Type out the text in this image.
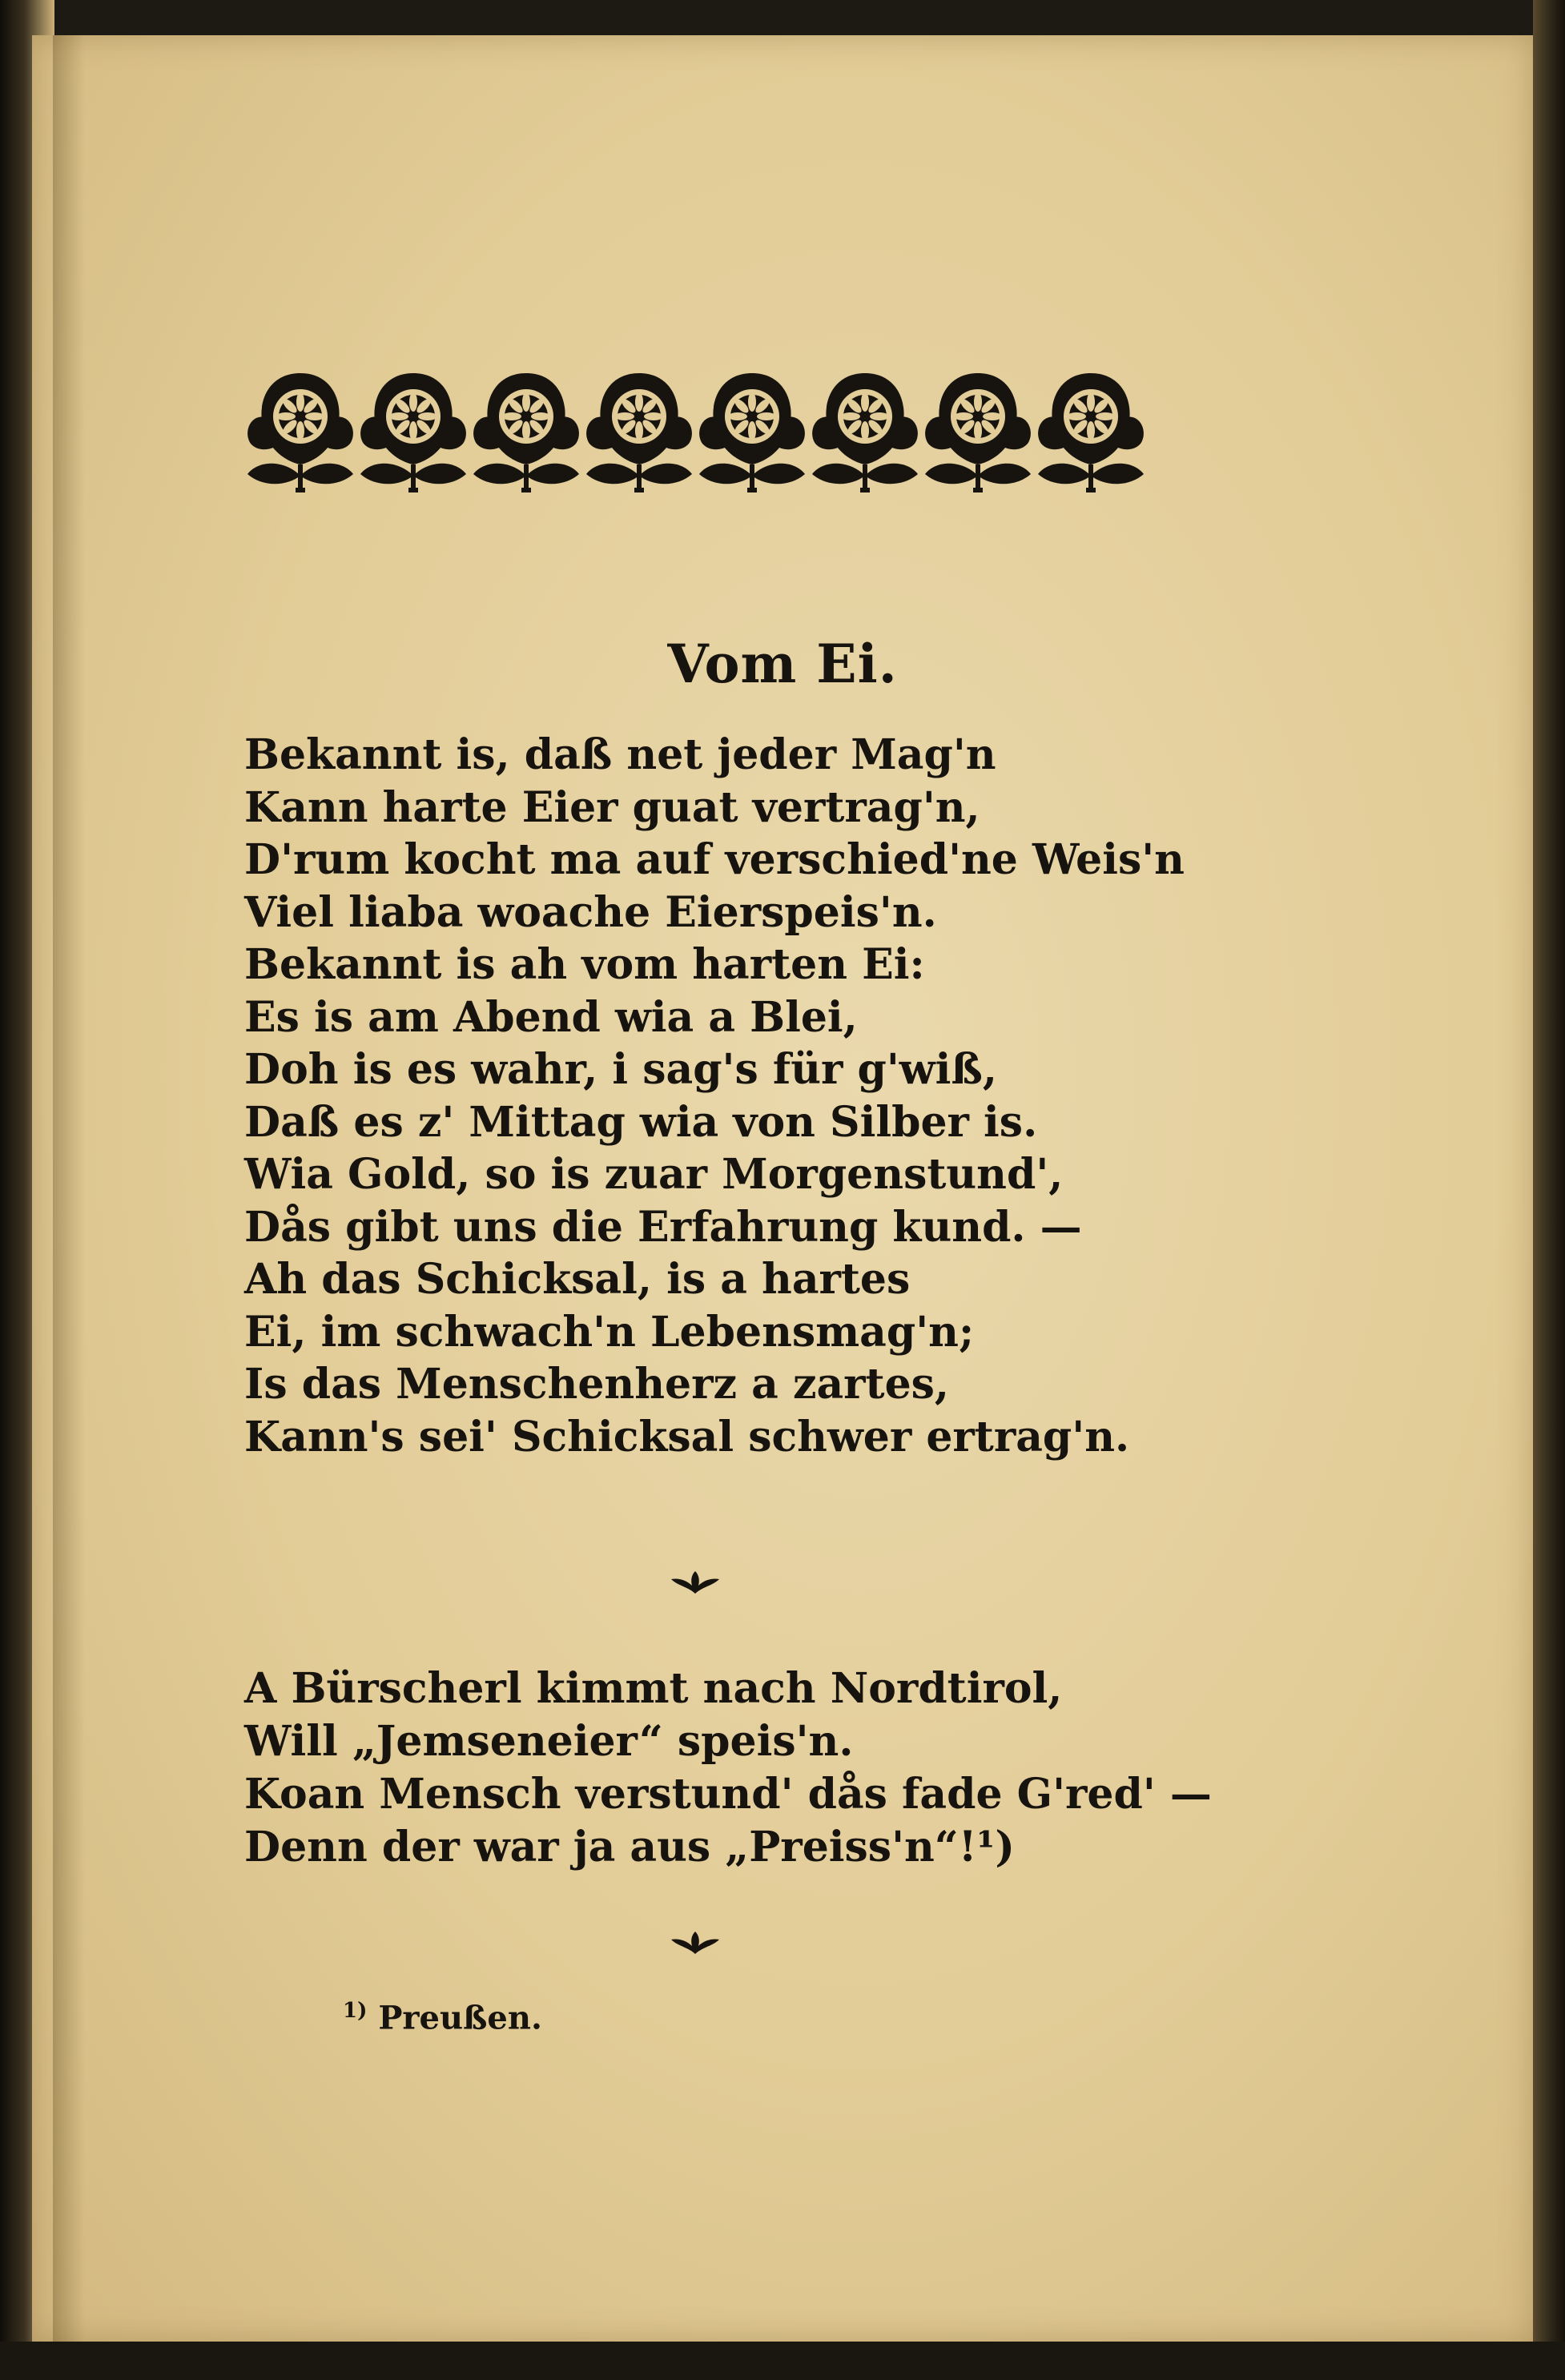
Vom Ei.
Bekannt is, daß net jeder Mag'n
Kann harte Eier guat vertrag'n,
D'rum kocht ma auf verschied'ne Weis'n
Viel liaba woache Eierspeis'n.
Bekannt is ah vom harten Ei:
Es is am Abend wia a Blei,
Doh is es wahr, i sag's für g'wiß,
Daß es z' Mittag wia von Silber is.
Wia Gold, so is zuar Morgenstund',
Dås gibt uns die Erfahrung kund. —
Ah das Schicksal, is a hartes
Ei, im schwach'n Lebensmag'n;
Is das Menschenherz a zartes,
Kann's sei' Schicksal schwer ertrag'n.
A Bürscherl kimmt nach Nordtirol,
Will „Jemseneier“ speis'n.
Koan Mensch verstund' dås fade G'red' —
Denn der war ja aus „Preiss'n“!¹)
$^{1)}$ Preußen.
